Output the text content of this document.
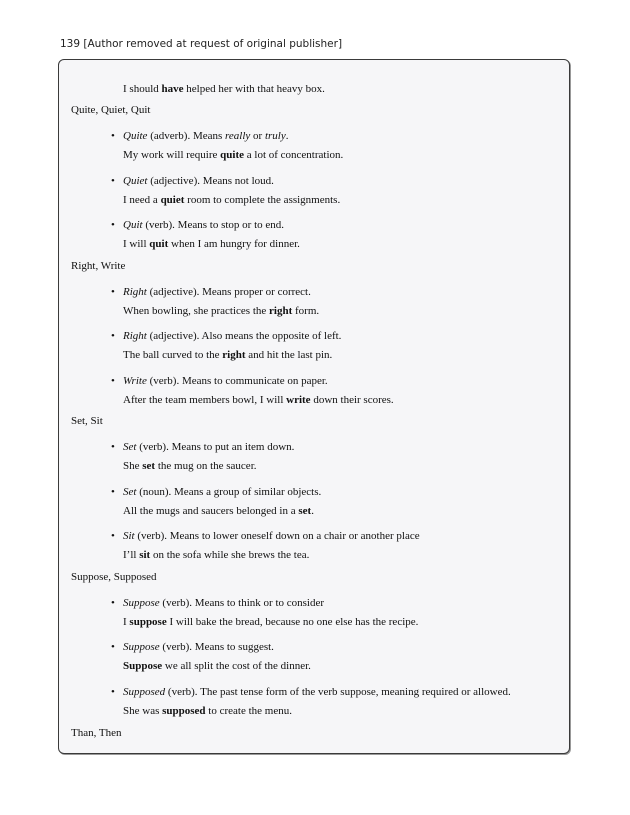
139 [Author removed at request of original publisher]
I should have helped her with that heavy box.
Quite, Quiet, Quit
• Quite (adverb). Means really or truly.
My work will require quite a lot of concentration.
• Quiet (adjective). Means not loud.
I need a quiet room to complete the assignments.
• Quit (verb). Means to stop or to end.
I will quit when I am hungry for dinner.
Right, Write
• Right (adjective). Means proper or correct.
When bowling, she practices the right form.
• Right (adjective). Also means the opposite of left.
The ball curved to the right and hit the last pin.
• Write (verb). Means to communicate on paper.
After the team members bowl, I will write down their scores.
Set, Sit
• Set (verb). Means to put an item down.
She set the mug on the saucer.
• Set (noun). Means a group of similar objects.
All the mugs and saucers belonged in a set.
• Sit (verb). Means to lower oneself down on a chair or another place
I’ll sit on the sofa while she brews the tea.
Suppose, Supposed
• Suppose (verb). Means to think or to consider
I suppose I will bake the bread, because no one else has the recipe.
• Suppose (verb). Means to suggest.
Suppose we all split the cost of the dinner.
• Supposed (verb). The past tense form of the verb suppose, meaning required or allowed.
She was supposed to create the menu.
Than, Then
